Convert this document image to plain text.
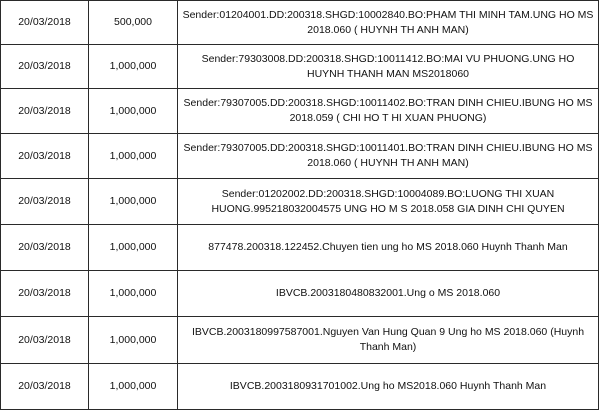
20/03/2018	500,000	Sender:01204001.DD:200318.SHGD:10002840.BO:PHAM THI MINH TAM.UNG HO MS 2018.060 ( HUYNH TH ANH MAN)
20/03/2018	1,000,000	Sender:79303008.DD:200318.SHGD:10011412.BO:MAI VU PHUONG.UNG HO HUYNH THANH MAN MS2018060
20/03/2018	1,000,000	Sender:79307005.DD:200318.SHGD:10011402.BO:TRAN DINH CHIEU.IBUNG HO MS 2018.059 ( CHI HO T HI XUAN PHUONG)
20/03/2018	1,000,000	Sender:79307005.DD:200318.SHGD:10011401.BO:TRAN DINH CHIEU.IBUNG HO MS 2018.060 ( HUYNH TH ANH MAN)
20/03/2018	1,000,000	Sender:01202002.DD:200318.SHGD:10004089.BO:LUONG THI XUAN HUONG.995218032004575 UNG HO M S 2018.058 GIA DINH CHI QUYEN
20/03/2018	1,000,000	877478.200318.122452.Chuyen tien ung ho MS 2018.060 Huynh Thanh Man
20/03/2018	1,000,000	IBVCB.2003180480832001.Ung o MS 2018.060
20/03/2018	1,000,000	IBVCB.2003180997587001.Nguyen Van Hung Quan 9 Ung ho MS 2018.060 (Huynh Thanh Man)
20/03/2018	1,000,000	IBVCB.2003180931701002.Ung ho MS2018.060 Huynh Thanh Man
